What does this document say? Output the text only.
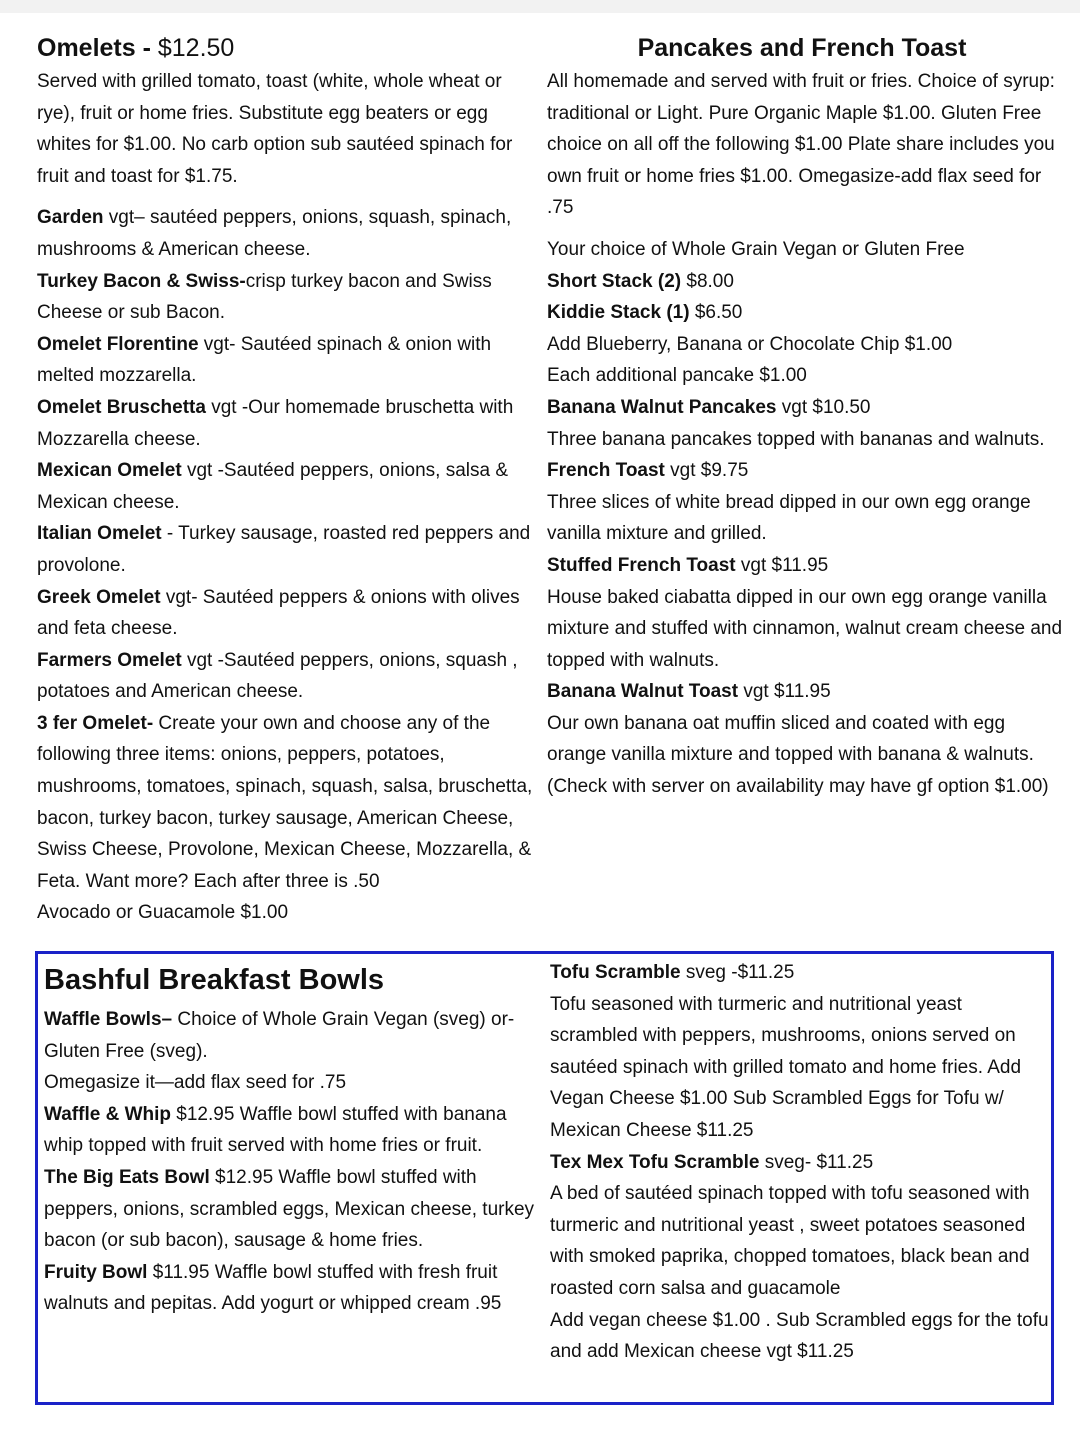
Omelets - $12.50

Served with grilled tomato, toast (white, whole wheat or rye), fruit or home fries. Substitute egg beaters or egg whites for $1.00. No carb option sub sautéed spinach for fruit and toast for $1.75.

Garden vgt– sautéed peppers, onions, squash, spinach, mushrooms & American cheese.

Turkey Bacon & Swiss-crisp turkey bacon and Swiss Cheese or sub Bacon.

Omelet Florentine vgt- Sautéed spinach & onion with melted mozzarella.

Omelet Bruschetta vgt -Our homemade bruschetta with Mozzarella cheese.

Mexican Omelet vgt -Sautéed peppers, onions, salsa & Mexican cheese.

Italian Omelet - Turkey sausage, roasted red peppers and provolone.

Greek Omelet vgt- Sautéed peppers & onions with olives and feta cheese.

Farmers Omelet vgt -Sautéed peppers, onions, squash , potatoes and American cheese.

3 fer Omelet- Create your own and choose any of the following three items: onions, peppers, potatoes, mushrooms, tomatoes, spinach, squash, salsa, bruschetta, bacon, turkey bacon, turkey sausage, American Cheese, Swiss Cheese, Provolone, Mexican Cheese, Mozzarella, & Feta. Want more? Each after three is .50

Avocado or Guacamole $1.00

Pancakes and French Toast

All homemade and served with fruit or fries. Choice of syrup: traditional or Light. Pure Organic Maple $1.00. Gluten Free choice on all off the following $1.00 Plate share includes you own fruit or home fries $1.00. Omegasize-add flax seed for .75

Your choice of Whole Grain Vegan or Gluten Free

Short Stack (2) $8.00

Kiddie Stack (1) $6.50

Add Blueberry, Banana or Chocolate Chip $1.00

Each additional pancake $1.00

Banana Walnut Pancakes vgt $10.50

Three banana pancakes topped with bananas and walnuts.

French Toast vgt $9.75

Three slices of white bread dipped in our own egg orange vanilla mixture and grilled.

Stuffed French Toast vgt $11.95

House baked ciabatta dipped in our own egg orange vanilla mixture and stuffed with cinnamon, walnut cream cheese and topped with walnuts.

Banana Walnut Toast vgt $11.95

Our own banana oat muffin sliced and coated with egg orange vanilla mixture and topped with banana & walnuts. (Check with server on availability may have gf option $1.00)

Bashful Breakfast Bowls

Waffle Bowls– Choice of Whole Grain Vegan (sveg) or- Gluten Free (sveg).

Omegasize it—add flax seed for .75

Waffle & Whip $12.95 Waffle bowl stuffed with banana whip topped with fruit served with home fries or fruit.

The Big Eats Bowl $12.95 Waffle bowl stuffed with peppers, onions, scrambled eggs, Mexican cheese, turkey bacon (or sub bacon), sausage & home fries.

Fruity Bowl $11.95 Waffle bowl stuffed with fresh fruit walnuts and pepitas. Add yogurt or whipped cream .95

Tofu Scramble sveg -$11.25

Tofu seasoned with turmeric and nutritional yeast scrambled with peppers, mushrooms, onions served on sautéed spinach with grilled tomato and home fries. Add Vegan Cheese $1.00 Sub Scrambled Eggs for Tofu w/ Mexican Cheese $11.25

Tex Mex Tofu Scramble sveg- $11.25

A bed of sautéed spinach topped with tofu seasoned with turmeric and nutritional yeast , sweet potatoes seasoned with smoked paprika, chopped tomatoes, black bean and roasted corn salsa and guacamole

Add vegan cheese $1.00 . Sub Scrambled eggs for the tofu and add Mexican cheese vgt $11.25
